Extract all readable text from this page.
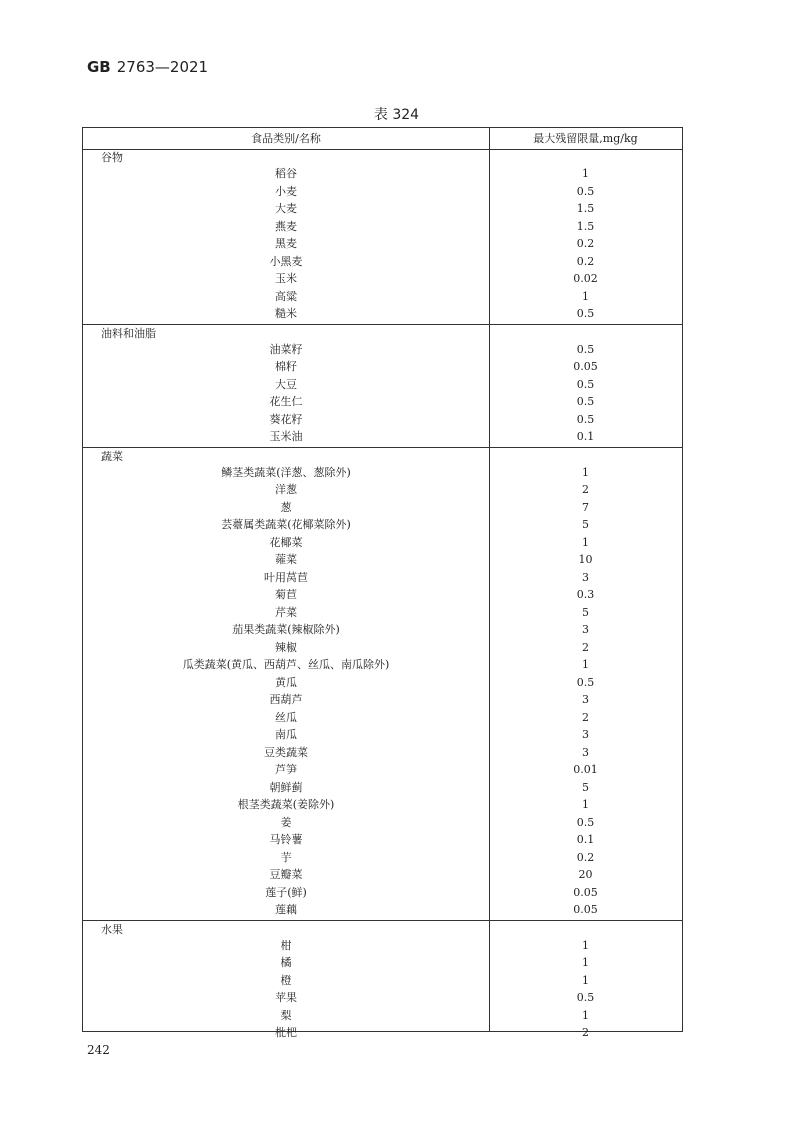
GB 2763—2021
表 324
食品类别/名称	最大残留限量,mg/kg
谷物
稻谷	1
小麦	0.5
大麦	1.5
燕麦	1.5
黑麦	0.2
小黑麦	0.2
玉米	0.02
高粱	1
糙米	0.5
油料和油脂
油菜籽	0.5
棉籽	0.05
大豆	0.5
花生仁	0.5
葵花籽	0.5
玉米油	0.1
蔬菜
鳞茎类蔬菜(洋葱、葱除外)	1
洋葱	2
葱	7
芸薹属类蔬菜(花椰菜除外)	5
花椰菜	1
蕹菜	10
叶用莴苣	3
菊苣	0.3
芹菜	5
茄果类蔬菜(辣椒除外)	3
辣椒	2
瓜类蔬菜(黄瓜、西葫芦、丝瓜、南瓜除外)	1
黄瓜	0.5
西葫芦	3
丝瓜	2
南瓜	3
豆类蔬菜	3
芦笋	0.01
朝鲜蓟	5
根茎类蔬菜(姜除外)	1
姜	0.5
马铃薯	0.1
芋	0.2
豆瓣菜	20
莲子(鲜)	0.05
莲藕	0.05
水果
柑	1
橘	1
橙	1
苹果	0.5
梨	1
枇杷	2
242
